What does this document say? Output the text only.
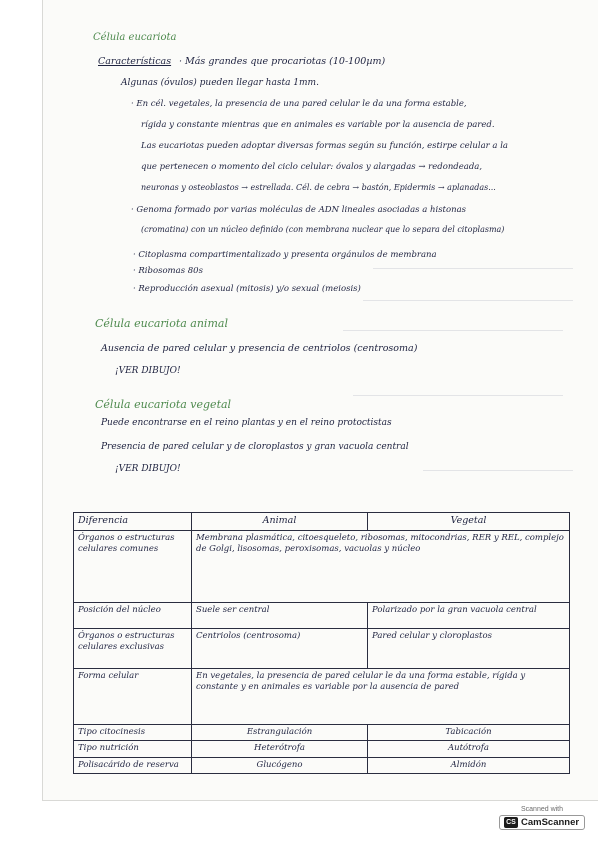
Célula eucariota
Características · Más grandes que procariotas (10-100µm)
Algunas (óvulos) pueden llegar hasta 1mm.
· En cél. vegetales, la presencia de una pared celular le da una forma estable,
rígida y constante mientras que en animales es variable por la ausencia de pared.
Las eucariotas pueden adoptar diversas formas según su función, estirpe celular a la
que pertenecen o momento del ciclo celular: óvalos y alargadas → redondeada,
neuronas y osteoblastos → estrellada. Cél. de cebra → bastón, Epidermis → aplanadas...
· Genoma formado por varias moléculas de ADN lineales asociadas a histonas
(cromatina) con un núcleo definido (con membrana nuclear que lo separa del citoplasma)
· Citoplasma compartimentalizado y presenta orgánulos de membrana
· Ribosomas 80s
· Reproducción asexual (mitosis) y/o sexual (meiosis)
Célula eucariota animal
Ausencia de pared celular y presencia de centriolos (centrosoma)
¡VER DIBUJO!
Célula eucariota vegetal
Puede encontrarse en el reino plantas y en el reino protoctistas
Presencia de pared celular y de cloroplastos y gran vacuola central
¡VER DIBUJO!
Diferencia	Animal	Vegetal
Órganos o estructuras celulares comunes	Membrana plasmática, citoesqueleto, ribosomas, mitocondrias, RER y REL, complejo de Golgi, lisosomas, peroxisomas, vacuolas y núcleo	
Posición del núcleo	Suele ser central	Polarizado por la gran vacuola central
Órganos o estructuras celulares exclusivas	Centriolos (centrosoma)	Pared celular y cloroplastos
Forma celular	En vegetales, la presencia de pared celular le da una forma estable, rígida y constante y en animales es variable por la ausencia de pared	
Tipo citocinesis	Estrangulación	Tabicación
Tipo nutrición	Heterótrofa	Autótrofa
Polisacárido de reserva	Glucógeno	Almidón
Scanned with
CS CamScanner
